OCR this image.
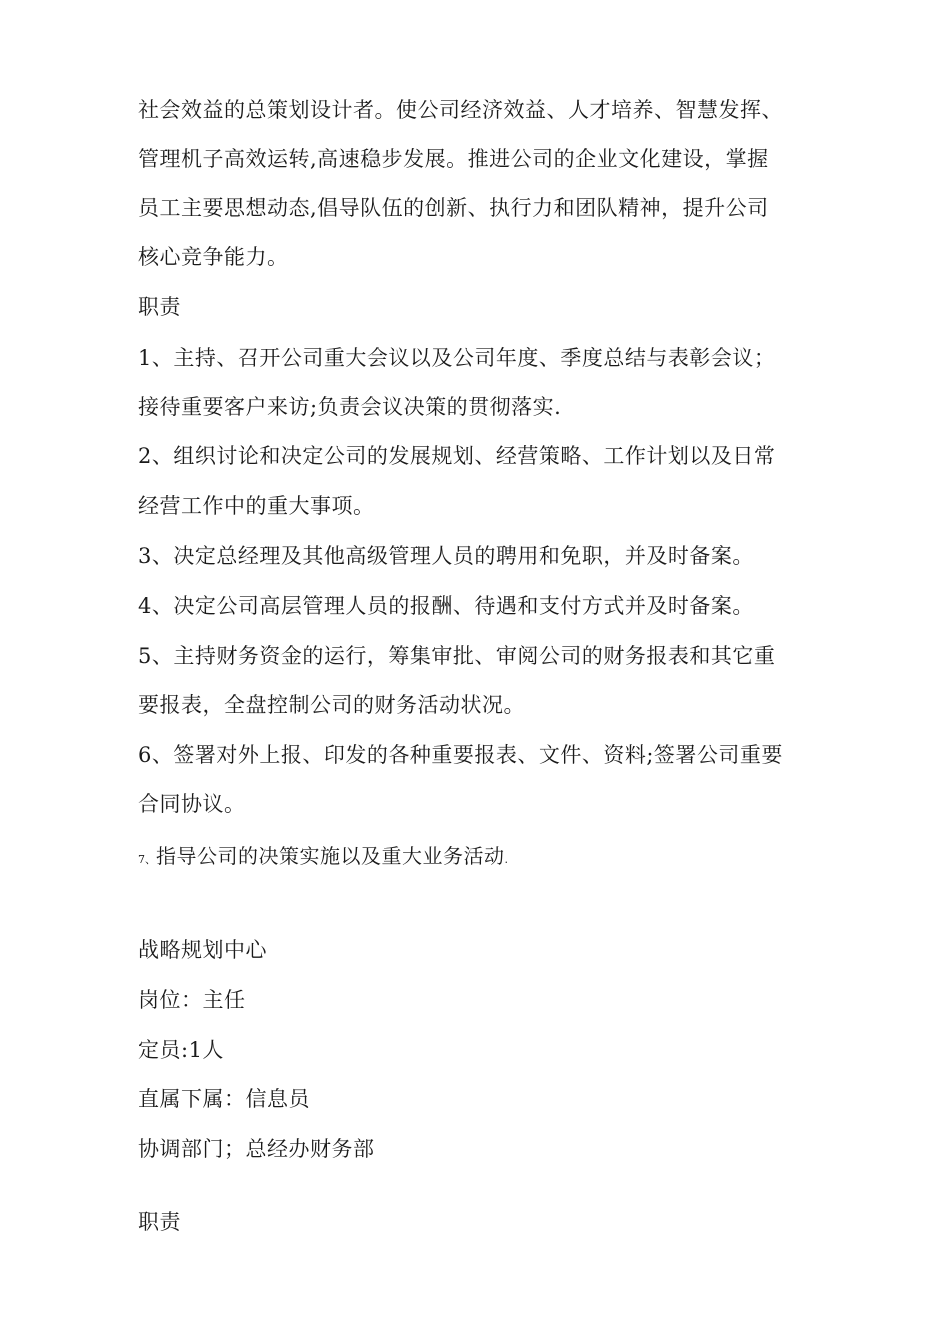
社会效益的总策划设计者。使公司经济效益、人才培养、智慧发挥、
管理机子高效运转,高速稳步发展。推进公司的企业文化建设，掌握
员工主要思想动态,倡导队伍的创新、执行力和团队精神，提升公司
核心竞争能力。
职责
1、主持、召开公司重大会议以及公司年度、季度总结与表彰会议；
接待重要客户来访;负责会议决策的贯彻落实.
2、组织讨论和决定公司的发展规划、经营策略、工作计划以及日常
经营工作中的重大事项。
3、决定总经理及其他高级管理人员的聘用和免职，并及时备案。
4、决定公司高层管理人员的报酬、待遇和支付方式并及时备案。
5、主持财务资金的运行，筹集审批、审阅公司的财务报表和其它重
要报表，全盘控制公司的财务活动状况。
6、签署对外上报、印发的各种重要报表、文件、资料;签署公司重要
合同协议。
7、指导公司的决策实施以及重大业务活动.
战略规划中心
岗位：主任
定员:1人
直属下属：信息员
协调部门；总经办财务部
职责
